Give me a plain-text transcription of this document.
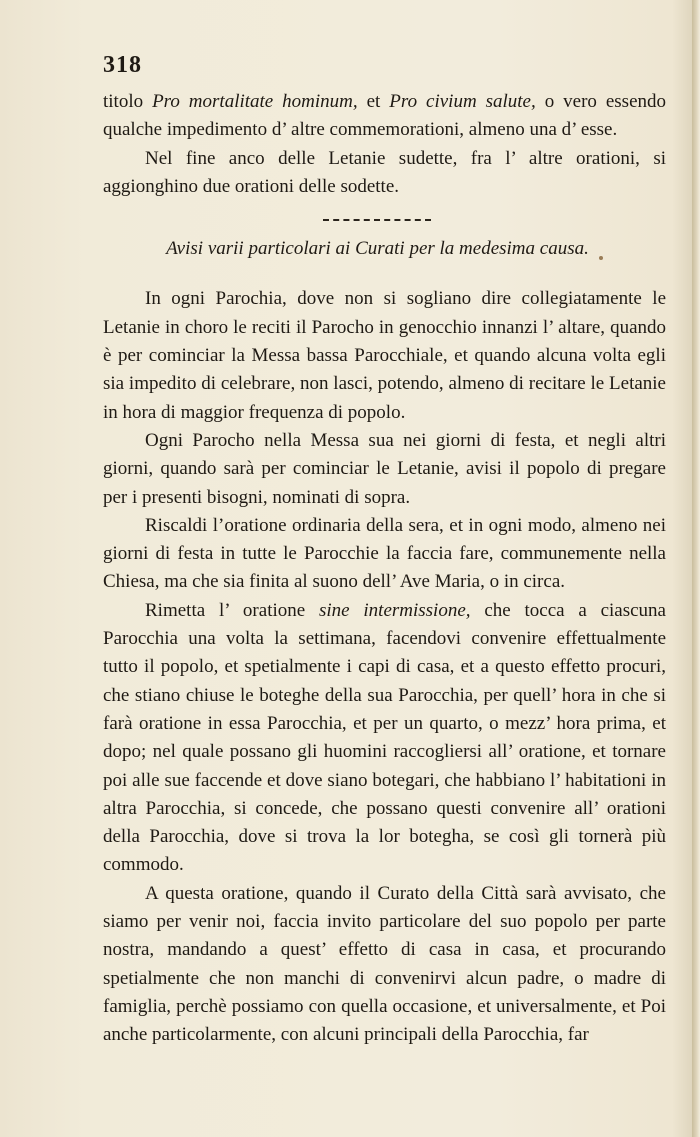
318

titolo Pro mortalitate hominum, et Pro civium salute, o vero essendo qualche impedimento d’ altre commemorationi, almeno una d’ esse.

Nel fine anco delle Letanie sudette, fra l’ altre orationi, si aggionghino due orationi delle sodette.

Avisi varii particolari ai Curati per la medesima causa.

In ogni Parochia, dove non si sogliano dire collegiatamente le Letanie in choro le reciti il Parocho in genocchio innanzi l’ altare, quando è per cominciar la Messa bassa Parocchiale, et quando alcuna volta egli sia impedito di celebrare, non lasci, potendo, almeno di recitare le Letanie in hora di maggior frequenza di popolo.

Ogni Parocho nella Messa sua nei giorni di festa, et negli altri giorni, quando sarà per cominciar le Letanie, avisi il popolo di pregare per i presenti bisogni, nominati di sopra.

Riscaldi l’oratione ordinaria della sera, et in ogni modo, almeno nei giorni di festa in tutte le Parocchie la faccia fare, communemente nella Chiesa, ma che sia finita al suono dell’ Ave Maria, o in circa.

Rimetta l’ oratione sine intermissione, che tocca a ciascuna Parocchia una volta la settimana, facendovi convenire effettualmente tutto il popolo, et spetialmente i capi di casa, et a questo effetto procuri, che stiano chiuse le boteghe della sua Parocchia, per quell’ hora in che si farà oratione in essa Parocchia, et per un quarto, o mezz’ hora prima, et dopo; nel quale possano gli huomini raccogliersi all’ oratione, et tornare poi alle sue faccende et dove siano botegari, che habbiano l’ habitationi in altra Parocchia, si concede, che possano questi convenire all’ orationi della Parocchia, dove si trova la lor botegha, se così gli tornerà più commodo.

A questa oratione, quando il Curato della Città sarà avvisato, che siamo per venir noi, faccia invito particolare del suo popolo per parte nostra, mandando a quest’ effetto di casa in casa, et procurando spetialmente che non manchi di convenirvi alcun padre, o madre di famiglia, perchè possiamo con quella occasione, et universalmente, et Poi anche particolarmente, con alcuni principali della Parocchia, far
